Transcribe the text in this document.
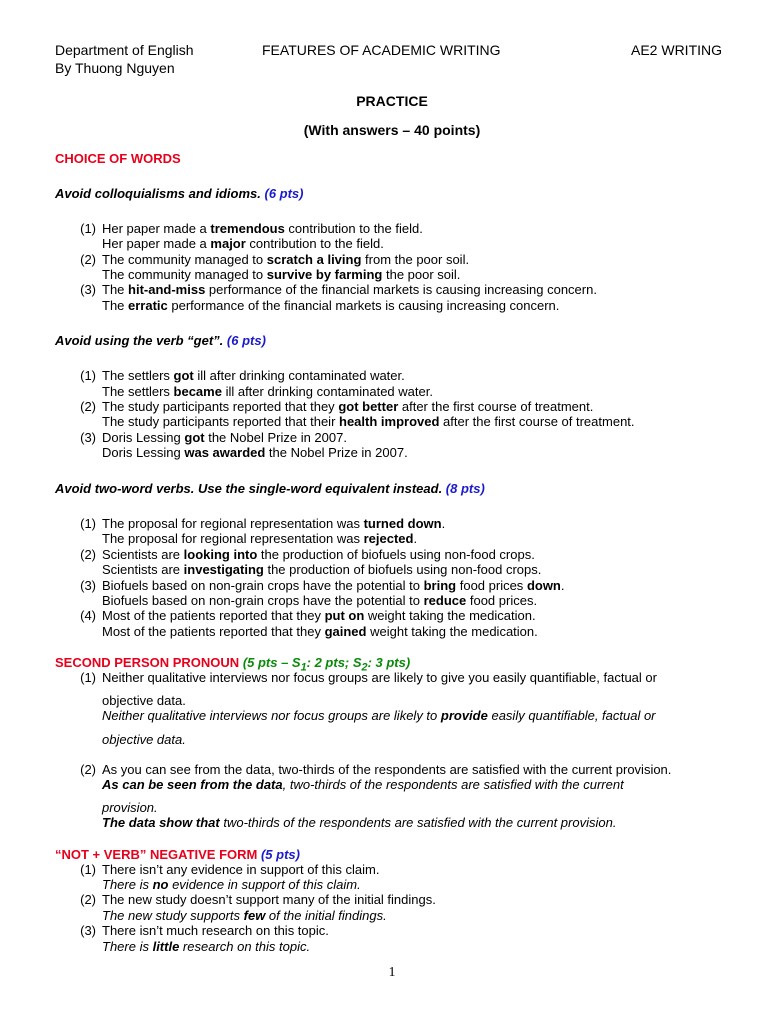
Department of English
By Thuong Nguyen
FEATURES OF ACADEMIC WRITING	AE2 WRITING
PRACTICE
(With answers – 40 points)
CHOICE OF WORDS
Avoid colloquialisms and idioms. (6 pts)
(1) Her paper made a tremendous contribution to the field.
Her paper made a major contribution to the field.
(2) The community managed to scratch a living from the poor soil.
The community managed to survive by farming the poor soil.
(3) The hit-and-miss performance of the financial markets is causing increasing concern.
The erratic performance of the financial markets is causing increasing concern.
Avoid using the verb “get”. (6 pts)
(1) The settlers got ill after drinking contaminated water.
The settlers became ill after drinking contaminated water.
(2) The study participants reported that they got better after the first course of treatment.
The study participants reported that their health improved after the first course of treatment.
(3) Doris Lessing got the Nobel Prize in 2007.
Doris Lessing was awarded the Nobel Prize in 2007.
Avoid two-word verbs. Use the single-word equivalent instead. (8 pts)
(1) The proposal for regional representation was turned down.
The proposal for regional representation was rejected.
(2) Scientists are looking into the production of biofuels using non-food crops.
Scientists are investigating the production of biofuels using non-food crops.
(3) Biofuels based on non-grain crops have the potential to bring food prices down.
Biofuels based on non-grain crops have the potential to reduce food prices.
(4) Most of the patients reported that they put on weight taking the medication.
Most of the patients reported that they gained weight taking the medication.
SECOND PERSON PRONOUN (5 pts – $S_1$: 2 pts; $S_2$: 3 pts)
(1) Neither qualitative interviews nor focus groups are likely to give you easily quantifiable, factual or
objective data.
Neither qualitative interviews nor focus groups are likely to provide easily quantifiable, factual or
objective data.
(2) As you can see from the data, two-thirds of the respondents are satisfied with the current provision.
As can be seen from the data, two-thirds of the respondents are satisfied with the current
provision.
The data show that two-thirds of the respondents are satisfied with the current provision.
“NOT + VERB” NEGATIVE FORM (5 pts)
(1) There isn’t any evidence in support of this claim.
There is no evidence in support of this claim.
(2) The new study doesn’t support many of the initial findings.
The new study supports few of the initial findings.
(3) There isn’t much research on this topic.
There is little research on this topic.
1
